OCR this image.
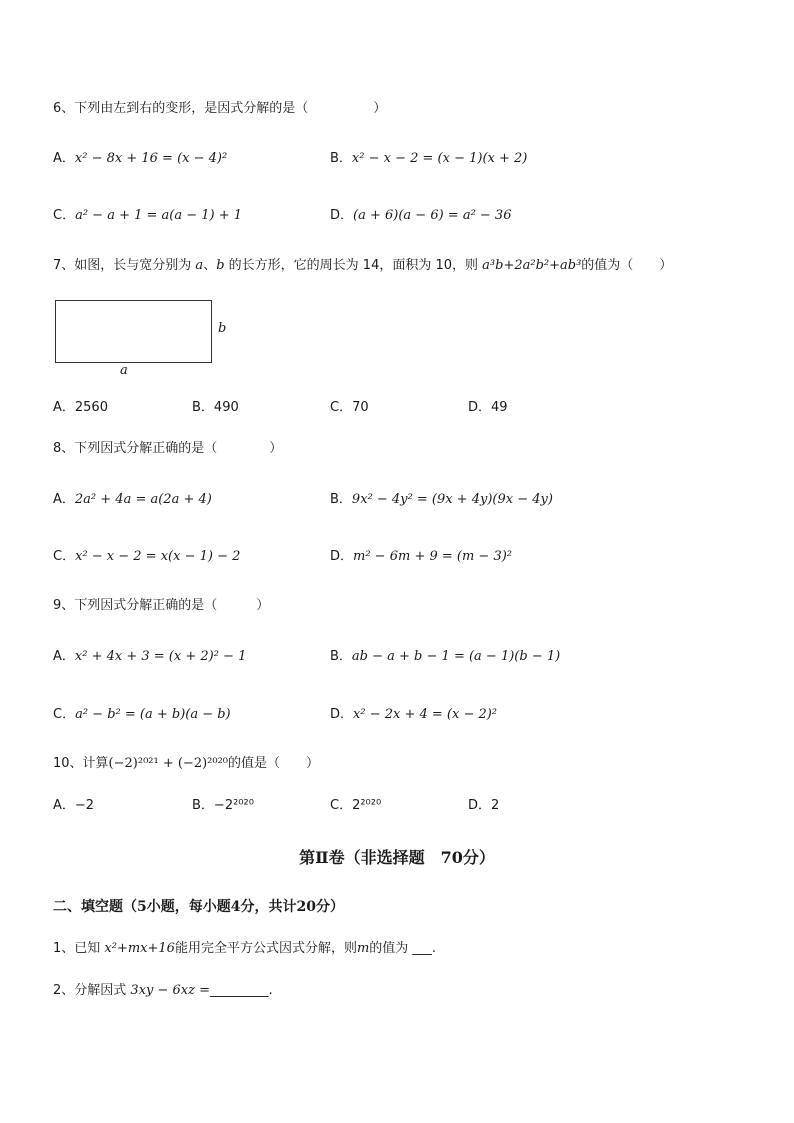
6、下列由左到右的变形，是因式分解的是（　　　　　）
A．x² − 8x + 16 = (x − 4)²	B．x² − x − 2 = (x − 1)(x + 2)
C．a² − a + 1 = a(a − 1) + 1	D．(a + 6)(a − 6) = a² − 36
7、如图，长与宽分别为 a、b 的长方形，它的周长为 14，面积为 10，则 a³b+2a²b²+ab³的值为（　　）
b
a
A．2560	B．490	C．70	D．49
8、下列因式分解正确的是（　　　　）
A．2a² + 4a = a(2a + 4)	B．9x² − 4y² = (9x + 4y)(9x − 4y)
C．x² − x − 2 = x(x − 1) − 2	D．m² − 6m + 9 = (m − 3)²
9、下列因式分解正确的是（　　　）
A．x² + 4x + 3 = (x + 2)² − 1	B．ab − a + b − 1 = (a − 1)(b − 1)
C．a² − b² = (a + b)(a − b)	D．x² − 2x + 4 = (x − 2)²
10、计算(−2)²⁰²¹ + (−2)²⁰²⁰的值是（　　）
A．−2	B．−2²⁰²⁰	C．2²⁰²⁰	D．2
第Ⅱ卷（非选择题　70分）
二、填空题（5小题，每小题4分，共计20分）
1、已知 x²+mx+16能用完全平方公式因式分解，则m的值为 ___.
2、分解因式 3xy − 6xz =_________.
